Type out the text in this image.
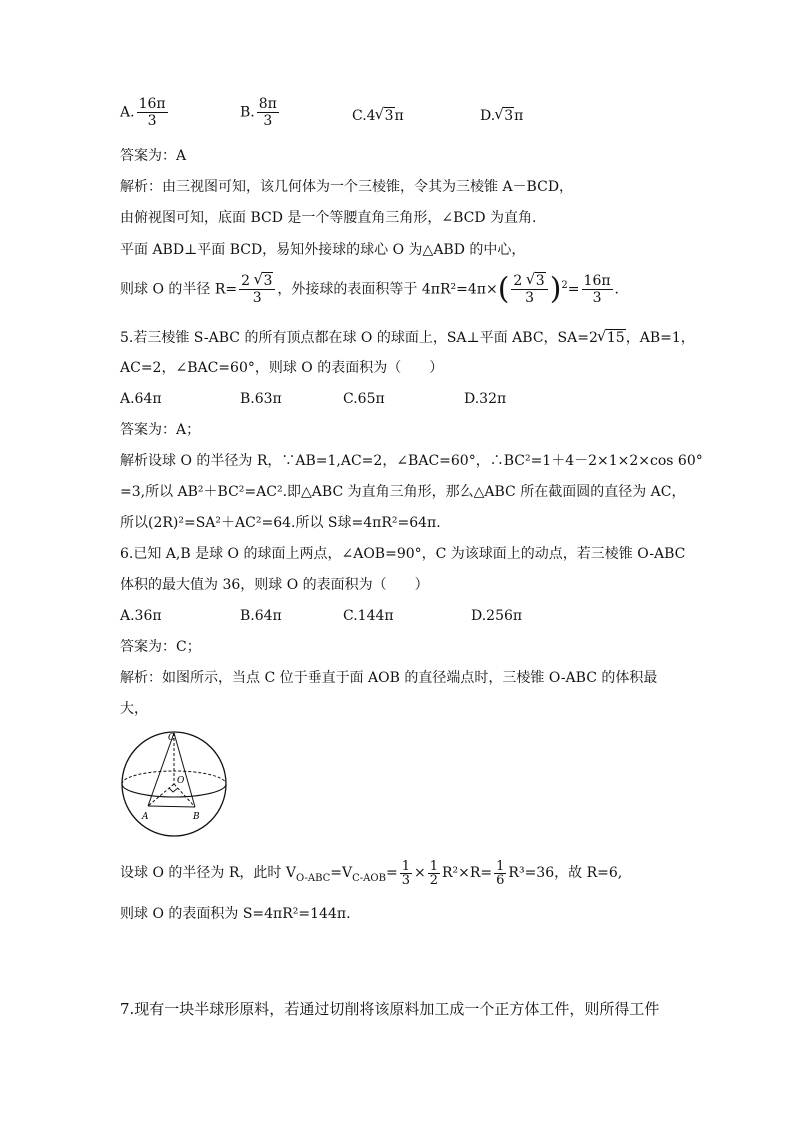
A. $\frac{16\pi}{3}$	B. $\frac{8\pi}{3}$	C.4 √ 3π	D. √ 3π
答案为：A
解析：由三视图可知，该几何体为一个三棱锥，令其为三棱锥 A－BCD，
由俯视图可知，底面 BCD 是一个等腰直角三角形，∠BCD 为直角.
平面 ABD⊥平面 BCD，易知外接球的球心 O 为△ABD 的中心，
则球 O 的半径 $R= \frac{2 √ 3}{3}$ ，外接球的表面积等于 $4\pi R^2=4\pi\times( \frac{2 √ 3}{3} )^2= \frac{16\pi}{3}$ .
5.若三棱锥 S-ABC 的所有顶点都在球 O 的球面上，SA⊥平面 ABC，SA=2 √ 15，AB=1，
AC=2，∠BAC=60°，则球 O 的表面积为（　　）
A.64π	B.63π	C.65π	D.32π
答案为：A；
解析设球 O 的半径为 R，∵AB=1,AC=2，∠BAC=60°，∴BC²=1＋4－2×1×2×cos 60°
=3,所以 AB²＋BC²=AC².即△ABC 为直角三角形，那么△ABC 所在截面圆的直径为 AC，
所以(2R)²=SA²＋AC²=64.所以 S球=4πR²=64π.
6.已知 A,B 是球 O 的球面上两点，∠AOB=90°，C 为该球面上的动点，若三棱锥 O-ABC
体积的最大值为 36，则球 O 的表面积为（　　）
A.36π	B.64π	C.144π	D.256π
答案为：C；
解析：如图所示，当点 C 位于垂直于面 AOB 的直径端点时，三棱锥 O-ABC 的体积最
大，
C
O
A	B
设球 O 的半径为 R，此时 $V_{O-ABC}=V_{C-AOB}= \frac{1}{3} \times \frac{1}{2} R^2\times R= \frac{1}{6} R^3=36$，故 R=6,
则球 O 的表面积为 S=4πR²=144π.
7.现有一块半球形原料，若通过切削将该原料加工成一个正方体工件，则所得工件
